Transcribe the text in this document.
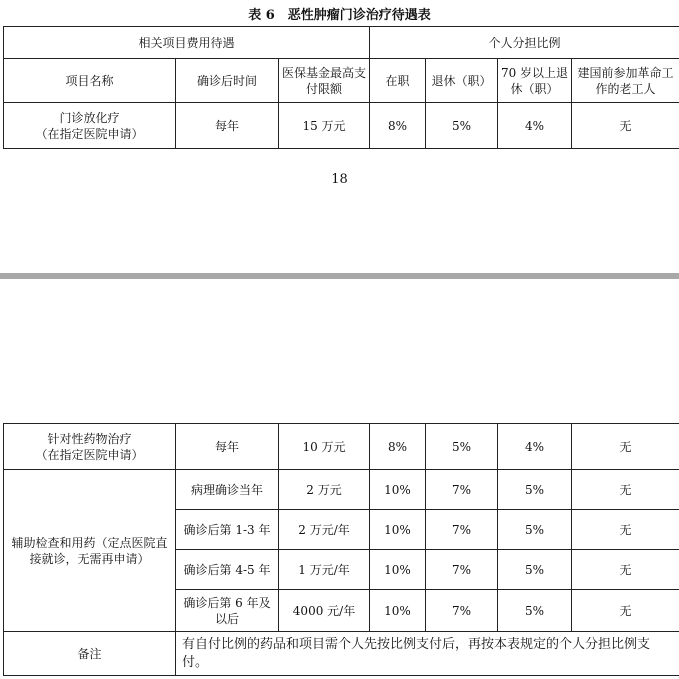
表 6　恶性肿瘤门诊治疗待遇表
相关项目费用待遇			个人分担比例			
项目名称	确诊后时间	医保基金最高支付限额	在职	退休（职）	70 岁以上退休（职）	建国前参加革命工作的老工人

门诊放化疗
（在指定医院申请）	每年	15 万元	8%	5%	4%	无
18
针对性药物治疗
（在指定医院申请）	每年	10 万元	8%	5%	4%	无
辅助检查和用药（定点医院直接就诊，无需再申请）	病理确诊当年	2 万元	10%	7%	5%	无
	确诊后第 1-3 年	2 万元/年	10%	7%	5%	无
	确诊后第 4-5 年	1 万元/年	10%	7%	5%	无
	确诊后第 6 年及以后	4000 元/年	10%	7%	5%	无
备注	有自付比例的药品和项目需个人先按比例支付后，再按本表规定的个人分担比例支付。					
